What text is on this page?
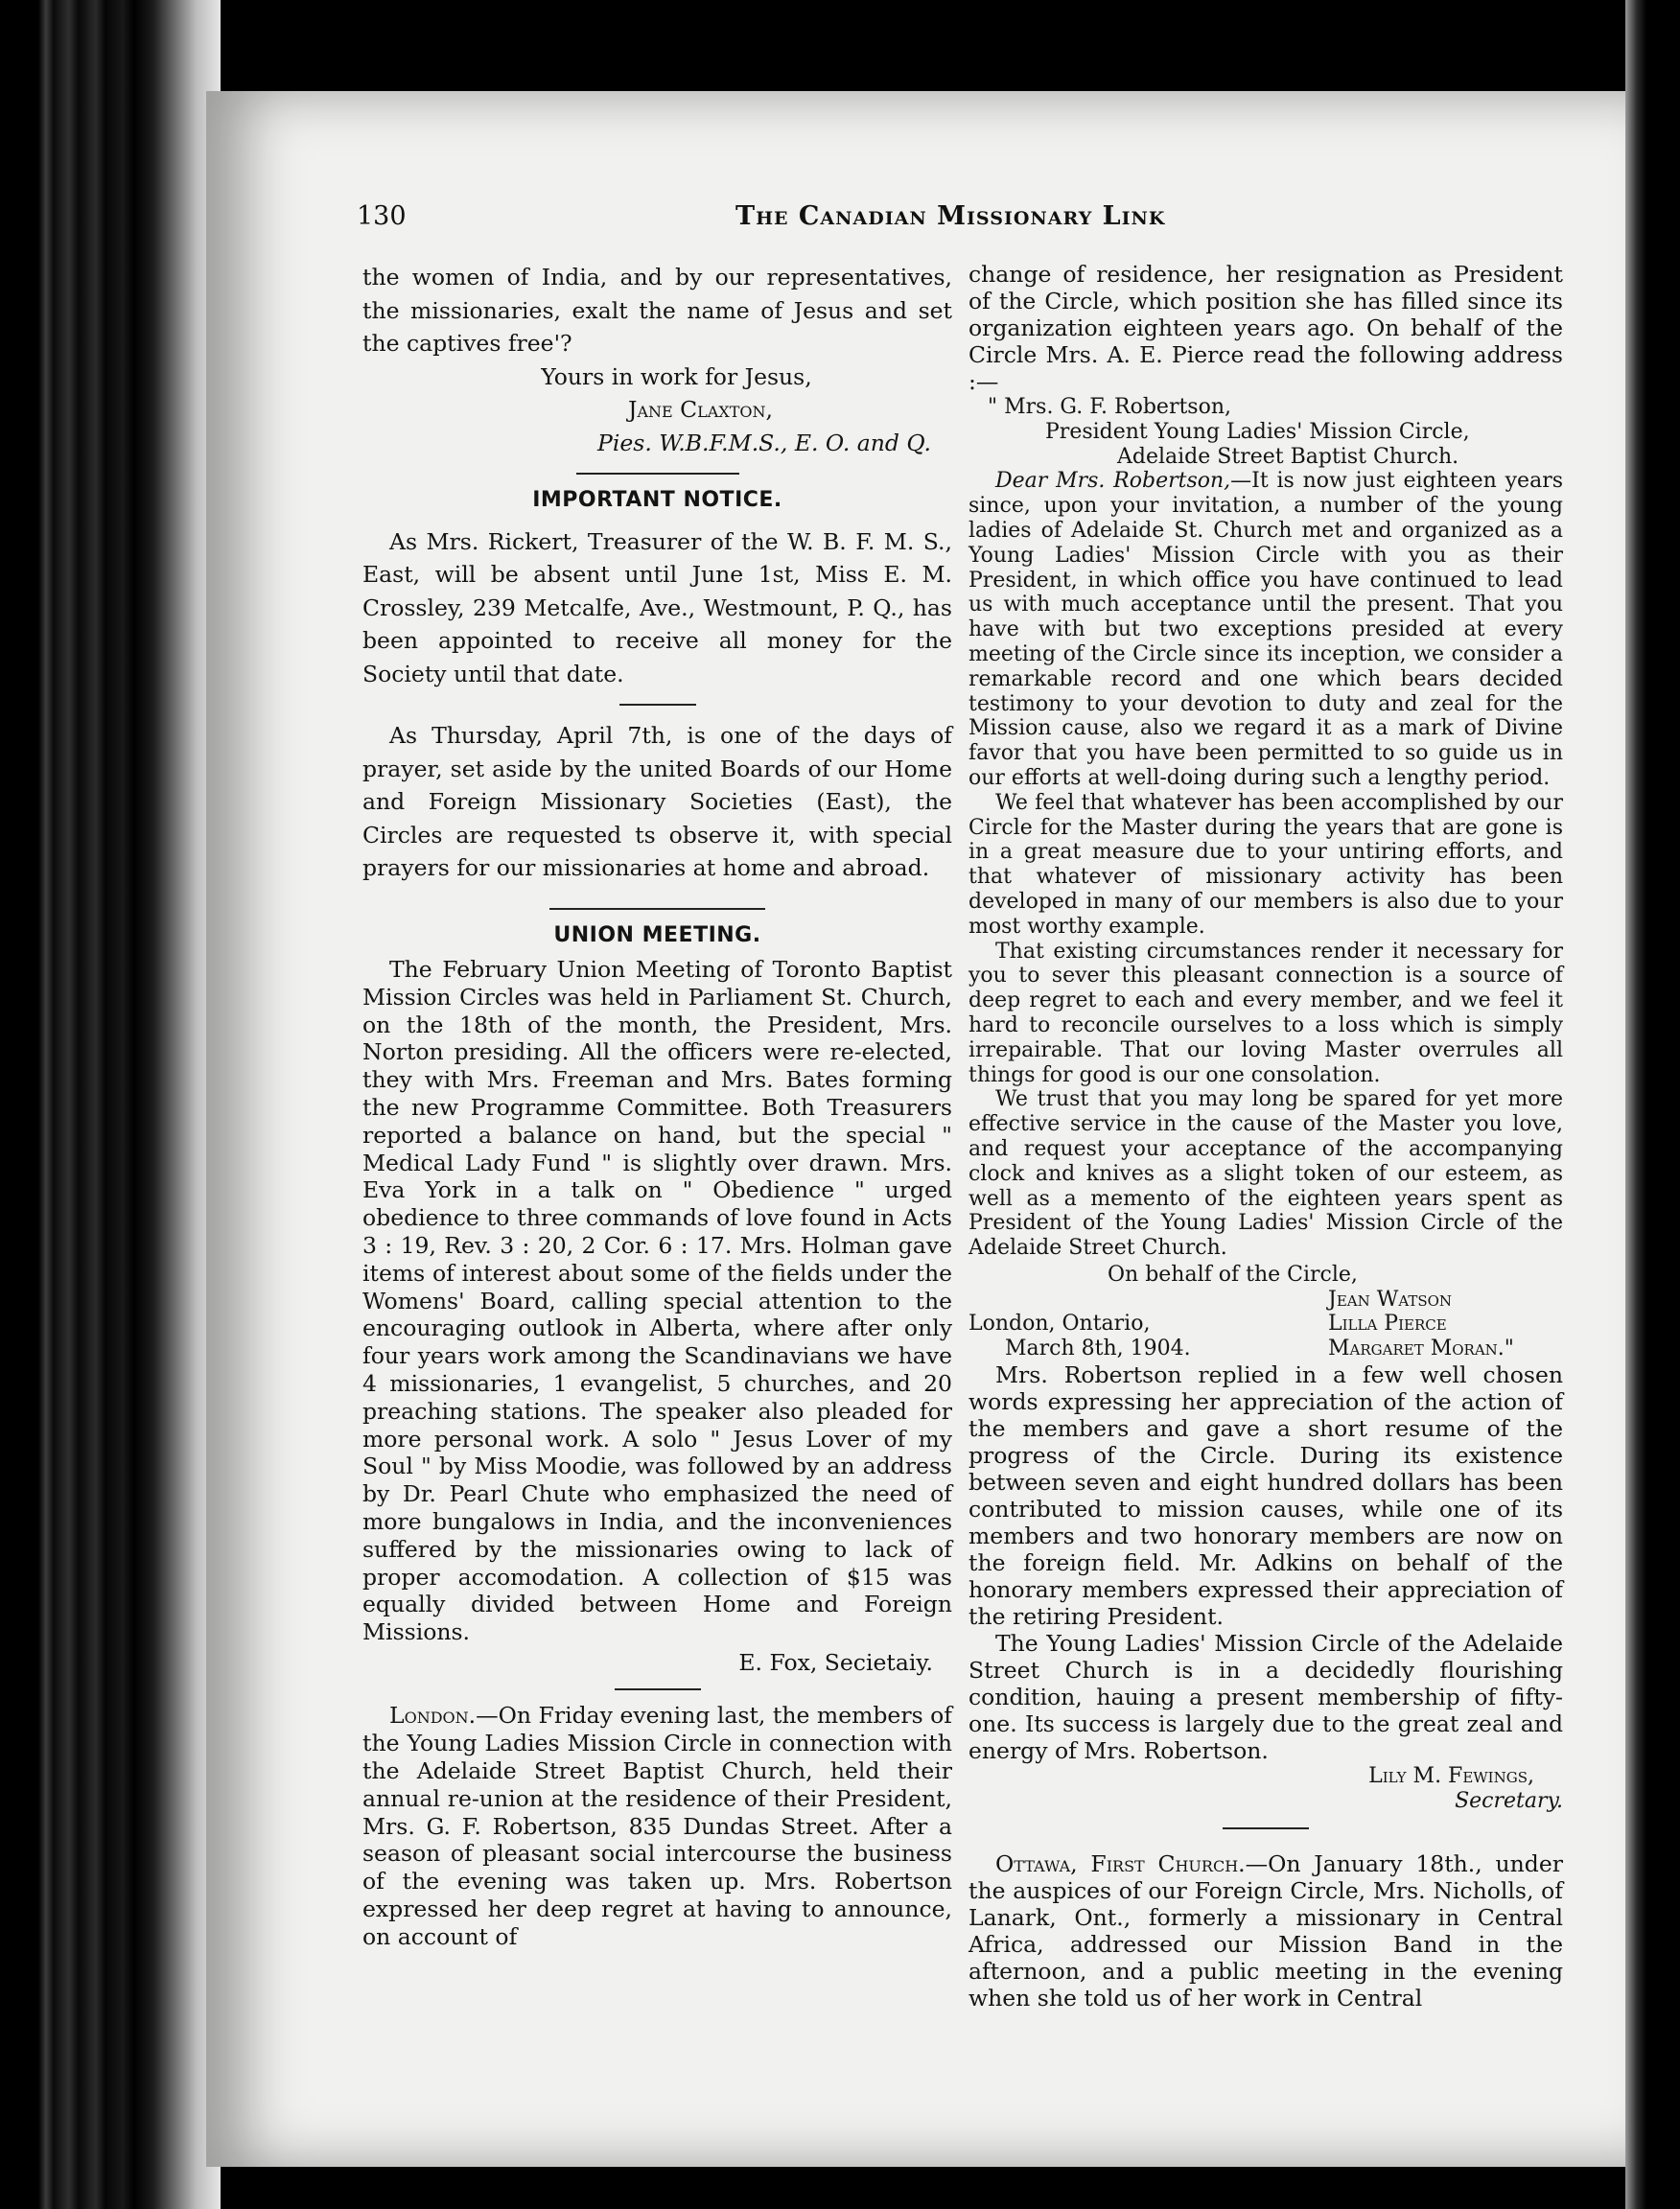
130	The Canadian Missionary Link

the women of India, and by our representatives, the missionaries, exalt the name of Jesus and set the captives free'?

Yours in work for Jesus,

Jane Claxton,

Pies. W.B.F.M.S., E. O. and Q.

IMPORTANT NOTICE.

As Mrs. Rickert, Treasurer of the W. B. F. M. S., East, will be absent until June 1st, Miss E. M. Crossley, 239 Metcalfe, Ave., Westmount, P. Q., has been appointed to receive all money for the Society until that date.

As Thursday, April 7th, is one of the days of prayer, set aside by the united Boards of our Home and Foreign Missionary Societies (East), the Circles are requested ts observe it, with special prayers for our missionaries at home and abroad.

UNION MEETING.

The February Union Meeting of Toronto Baptist Mission Circles was held in Parliament St. Church, on the 18th of the month, the President, Mrs. Norton presiding. All the officers were re-elected, they with Mrs. Freeman and Mrs. Bates forming the new Programme Committee. Both Treasurers reported a balance on hand, but the special " Medical Lady Fund " is slightly over drawn. Mrs. Eva York in a talk on " Obedience " urged obedience to three commands of love found in Acts 3 : 19, Rev. 3 : 20, 2 Cor. 6 : 17. Mrs. Holman gave items of interest about some of the fields under the Womens' Board, calling special attention to the encouraging outlook in Alberta, where after only four years work among the Scandinavians we have 4 missionaries, 1 evangelist, 5 churches, and 20 preaching stations. The speaker also pleaded for more personal work. A solo " Jesus Lover of my Soul " by Miss Moodie, was followed by an address by Dr. Pearl Chute who emphasized the need of more bungalows in India, and the inconveniences suffered by the missionaries owing to lack of proper accomodation. A collection of $15 was equally divided between Home and Foreign Missions.

E. Fox, Secietaiy.

London.—On Friday evening last, the members of the Young Ladies Mission Circle in connection with the Adelaide Street Baptist Church, held their annual re-union at the residence of their President, Mrs. G. F. Robertson, 835 Dundas Street. After a season of pleasant social intercourse the business of the evening was taken up. Mrs. Robertson expressed her deep regret at having to announce, on account of

change of residence, her resignation as President of the Circle, which position she has filled since its organization eighteen years ago. On behalf of the Circle Mrs. A. E. Pierce read the following address :—

" Mrs. G. F. Robertson,

President Young Ladies' Mission Circle,

Adelaide Street Baptist Church.

Dear Mrs. Robertson,—It is now just eighteen years since, upon your invitation, a number of the young ladies of Adelaide St. Church met and organized as a Young Ladies' Mission Circle with you as their President, in which office you have continued to lead us with much acceptance until the present. That you have with but two exceptions presided at every meeting of the Circle since its inception, we consider a remarkable record and one which bears decided testimony to your devotion to duty and zeal for the Mission cause, also we regard it as a mark of Divine favor that you have been permitted to so guide us in our efforts at well-doing during such a lengthy period.

We feel that whatever has been accomplished by our Circle for the Master during the years that are gone is in a great measure due to your untiring efforts, and that whatever of missionary activity has been developed in many of our members is also due to your most worthy example.

That existing circumstances render it necessary for you to sever this pleasant connection is a source of deep regret to each and every member, and we feel it hard to reconcile ourselves to a loss which is simply irrepairable. That our loving Master overrules all things for good is our one consolation.

We trust that you may long be spared for yet more effective service in the cause of the Master you love, and request your acceptance of the accompanying clock and knives as a slight token of our esteem, as well as a memento of the eighteen years spent as President of the Young Ladies' Mission Circle of the Adelaide Street Church.

On behalf of the Circle,

Jean Watson

London, Ontario,	Lilla Pierce
March 8th, 1904.	Margaret Moran."

Mrs. Robertson replied in a few well chosen words expressing her appreciation of the action of the members and gave a short resume of the progress of the Circle. During its existence between seven and eight hundred dollars has been contributed to mission causes, while one of its members and two honorary members are now on the foreign field. Mr. Adkins on behalf of the honorary members expressed their appreciation of the retiring President.

The Young Ladies' Mission Circle of the Adelaide Street Church is in a decidedly flourishing condition, hauing a present membership of fifty-one. Its success is largely due to the great zeal and energy of Mrs. Robertson.

Lily M. Fewings,

Secretary.

Ottawa, First Church.—On January 18th., under the auspices of our Foreign Circle, Mrs. Nicholls, of Lanark, Ont., formerly a missionary in Central Africa, addressed our Mission Band in the afternoon, and a public meeting in the evening when she told us of her work in Central
